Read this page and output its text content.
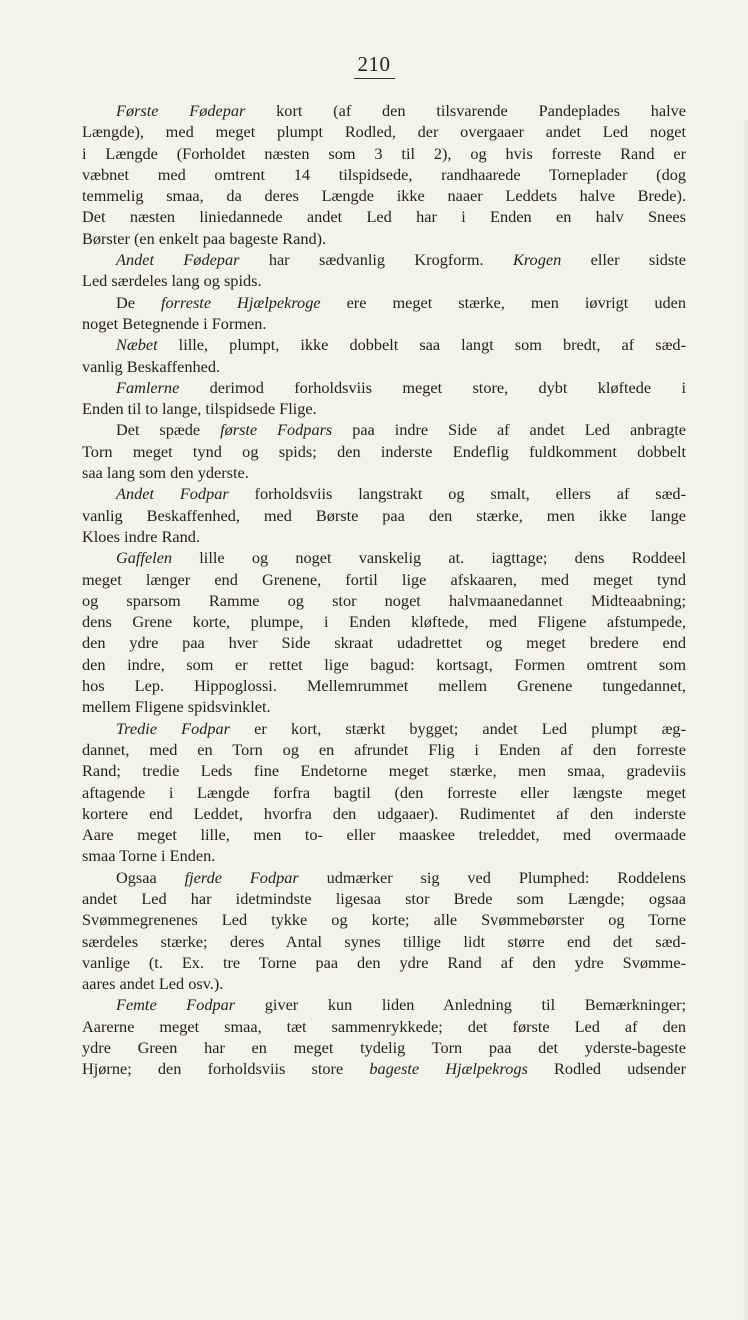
210
Første Fødepar kort (af den tilsvarende Pandeplades halve
Længde), med meget plumpt Rodled, der overgaaer andet Led noget
i Længde (Forholdet næsten som 3 til 2), og hvis forreste Rand er
væbnet med omtrent 14 tilspidsede, randhaarede Torneplader (dog
temmelig smaa, da deres Længde ikke naaer Leddets halve Brede).
Det næsten liniedannede andet Led har i Enden en halv Snees
Børster (en enkelt paa bageste Rand).
Andet Fødepar har sædvanlig Krogform. Krogen eller sidste
Led særdeles lang og spids.
De forreste Hjælpekroge ere meget stærke, men iøvrigt uden
noget Betegnende i Formen.
Næbet lille, plumpt, ikke dobbelt saa langt som bredt, af sæd-
vanlig Beskaffenhed.
Famlerne derimod forholdsviis meget store, dybt kløftede i
Enden til to lange, tilspidsede Flige.
Det spæde første Fodpars paa indre Side af andet Led anbragte
Torn meget tynd og spids; den inderste Endeflig fuldkomment dobbelt
saa lang som den yderste.
Andet Fodpar forholdsviis langstrakt og smalt, ellers af sæd-
vanlig Beskaffenhed, med Børste paa den stærke, men ikke lange
Kloes indre Rand.
Gaffelen lille og noget vanskelig at. iagttage; dens Roddeel
meget længer end Grenene, fortil lige afskaaren, med meget tynd
og sparsom Ramme og stor noget halvmaanedannet Midteaabning;
dens Grene korte, plumpe, i Enden kløftede, med Fligene afstumpede,
den ydre paa hver Side skraat udadrettet og meget bredere end
den indre, som er rettet lige bagud: kortsagt, Formen omtrent som
hos Lep. Hippoglossi. Mellemrummet mellem Grenene tungedannet,
mellem Fligene spidsvinklet.
Tredie Fodpar er kort, stærkt bygget; andet Led plumpt æg-
dannet, med en Torn og en afrundet Flig i Enden af den forreste
Rand; tredie Leds fine Endetorne meget stærke, men smaa, gradeviis
aftagende i Længde forfra bagtil (den forreste eller længste meget
kortere end Leddet, hvorfra den udgaaer). Rudimentet af den inderste
Aare meget lille, men to- eller maaskee treleddet, med overmaade
smaa Torne i Enden.
Ogsaa fjerde Fodpar udmærker sig ved Plumphed: Roddelens
andet Led har idetmindste ligesaa stor Brede som Længde; ogsaa
Svømmegrenenes Led tykke og korte; alle Svømmebørster og Torne
særdeles stærke; deres Antal synes tillige lidt større end det sæd-
vanlige (t. Ex. tre Torne paa den ydre Rand af den ydre Svømme-
aares andet Led osv.).
Femte Fodpar giver kun liden Anledning til Bemærkninger;
Aarerne meget smaa, tæt sammenrykkede; det første Led af den
ydre Green har en meget tydelig Torn paa det yderste-bageste
Hjørne; den forholdsviis store bageste Hjælpekrogs Rodled udsender
